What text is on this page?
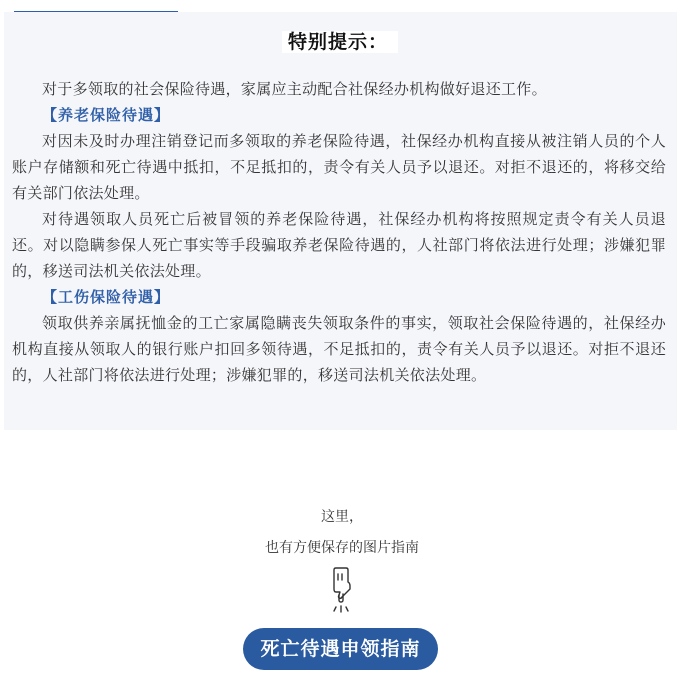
特别提示：

对于多领取的社会保险待遇，家属应主动配合社保经办机构做好退还工作。

【养老保险待遇】

对因未及时办理注销登记而多领取的养老保险待遇，社保经办机构直接从被注销人员的个人账户存储额和死亡待遇中抵扣，不足抵扣的，责令有关人员予以退还。对拒不退还的，将移交给有关部门依法处理。

对待遇领取人员死亡后被冒领的养老保险待遇，社保经办机构将按照规定责令有关人员退还。对以隐瞒参保人死亡事实等手段骗取养老保险待遇的，人社部门将依法进行处理；涉嫌犯罪的，移送司法机关依法处理。

【工伤保险待遇】

领取供养亲属抚恤金的工亡家属隐瞒丧失领取条件的事实，领取社会保险待遇的，社保经办机构直接从领取人的银行账户扣回多领待遇，不足抵扣的，责令有关人员予以退还。对拒不退还的，人社部门将依法进行处理；涉嫌犯罪的，移送司法机关依法处理。

这里，
也有方便保存的图片指南
死亡待遇申领指南
